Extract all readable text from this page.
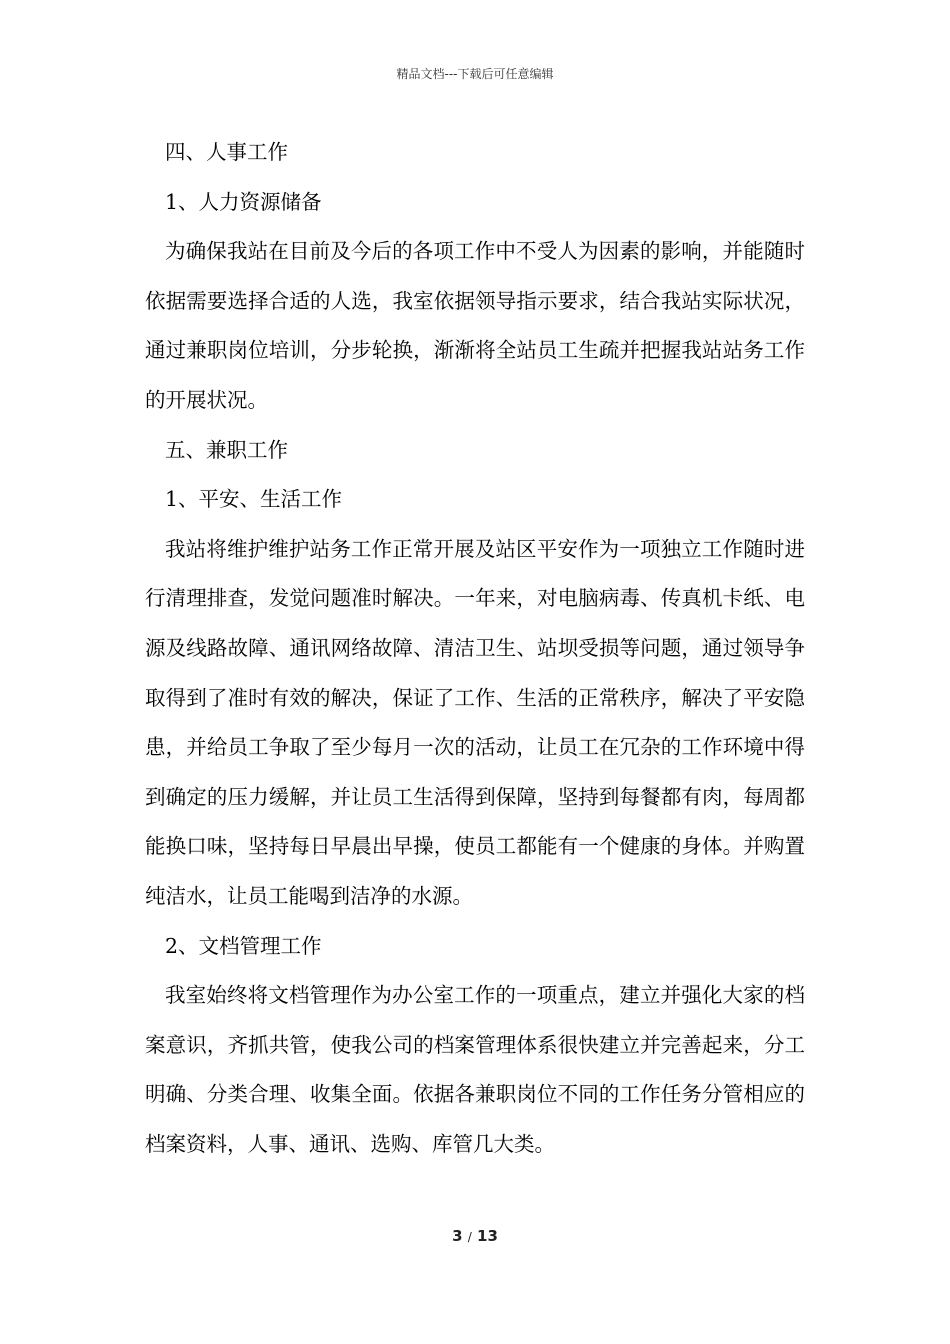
精品文档---下载后可任意编辑

四、人事工作

1、人力资源储备

为确保我站在目前及今后的各项工作中不受人为因素的影响，并能随时依据需要选择合适的人选，我室依据领导指示要求，结合我站实际状况，通过兼职岗位培训，分步轮换，渐渐将全站员工生疏并把握我站站务工作的开展状况。

五、兼职工作

1、平安、生活工作

我站将维护维护站务工作正常开展及站区平安作为一项独立工作随时进行清理排查，发觉问题准时解决。一年来，对电脑病毒、传真机卡纸、电源及线路故障、通讯网络故障、清洁卫生、站坝受损等问题，通过领导争取得到了准时有效的解决，保证了工作、生活的正常秩序，解决了平安隐患，并给员工争取了至少每月一次的活动，让员工在冗杂的工作环境中得到确定的压力缓解，并让员工生活得到保障，坚持到每餐都有肉，每周都能换口味，坚持每日早晨出早操，使员工都能有一个健康的身体。并购置纯洁水，让员工能喝到洁净的水源。

2、文档管理工作

我室始终将文档管理作为办公室工作的一项重点，建立并强化大家的档案意识，齐抓共管，使我公司的档案管理体系很快建立并完善起来，分工明确、分类合理、收集全面。依据各兼职岗位不同的工作任务分管相应的档案资料，人事、通讯、选购、库管几大类。

3 / 13
